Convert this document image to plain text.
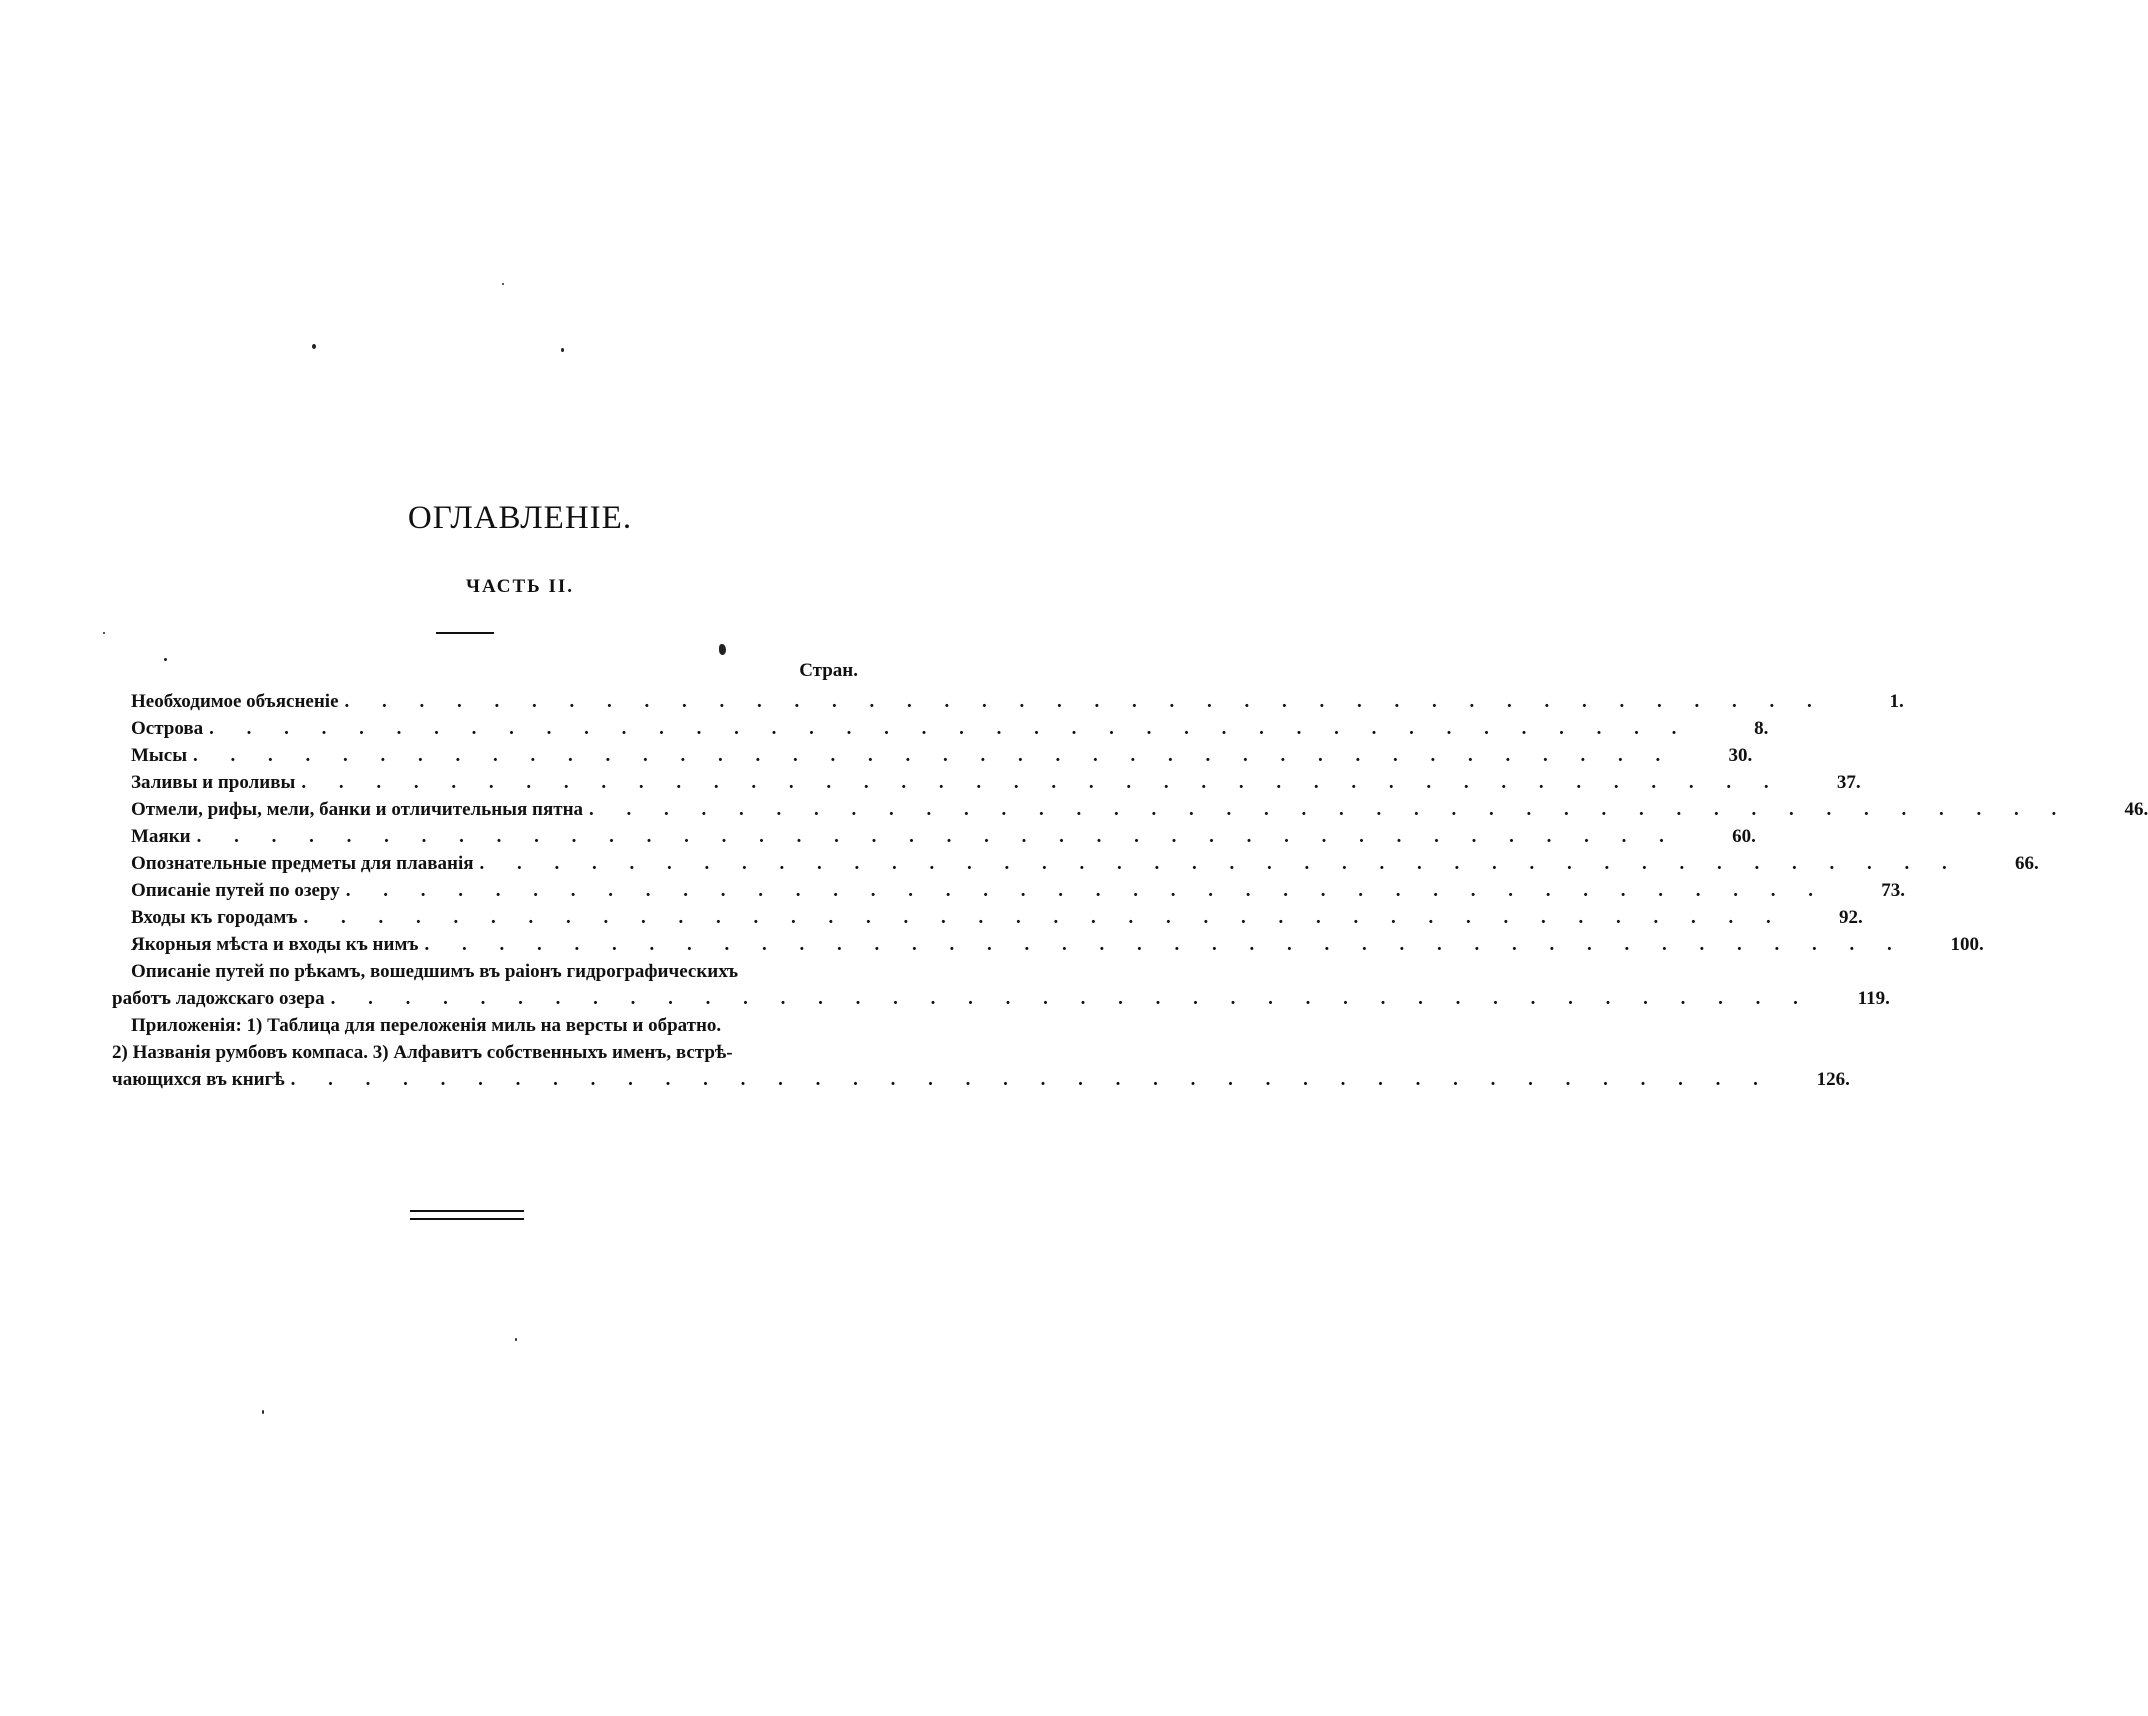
ОГЛАВЛЕНІЕ.
ЧАСТЬ II.
Стран.
Необходимое объясненіе . . . . . . . . . . . . . . . . . . . . . . . . . . . . . . . . . . . . . . . .	1.
Острова . . . . . . . . . . . . . . . . . . . . . . . . . . . . . . . . . . . . . . . .	8.
Мысы . . . . . . . . . . . . . . . . . . . . . . . . . . . . . . . . . . . . . . . .	30.
Заливы и проливы . . . . . . . . . . . . . . . . . . . . . . . . . . . . . . . . . . . . . . . .	37.
Отмели, рифы, мели, банки и отличительныя пятна . . . . . . . . . . . . . . . . . . . . . . . . . . . . . . . . . . . . . . . .	46.
Маяки . . . . . . . . . . . . . . . . . . . . . . . . . . . . . . . . . . . . . . . .	60.
Опознательные предметы для плаванія . . . . . . . . . . . . . . . . . . . . . . . . . . . . . . . . . . . . . . . .	66.
Описаніе путей по озеру . . . . . . . . . . . . . . . . . . . . . . . . . . . . . . . . . . . . . . . .	73.
Входы къ городамъ . . . . . . . . . . . . . . . . . . . . . . . . . . . . . . . . . . . . . . . .	92.
Якорныя мѣста и входы къ нимъ . . . . . . . . . . . . . . . . . . . . . . . . . . . . . . . . . . . . . . . .	100.
Описаніе путей по рѣкамъ, вошедшимъ въ раіонъ гидрографическихъ
работъ ладожскаго озера . . . . . . . . . . . . . . . . . . . . . . . . . . . . . . . . . . . . . . . .	119.
Приложенія: 1) Таблица для переложенія миль на версты и обратно.
2) Названія румбовъ компаса. 3) Алфавитъ собственныхъ именъ, встрѣ-
чающихся въ книгѣ . . . . . . . . . . . . . . . . . . . . . . . . . . . . . . . . . . . . . . . .	126.
